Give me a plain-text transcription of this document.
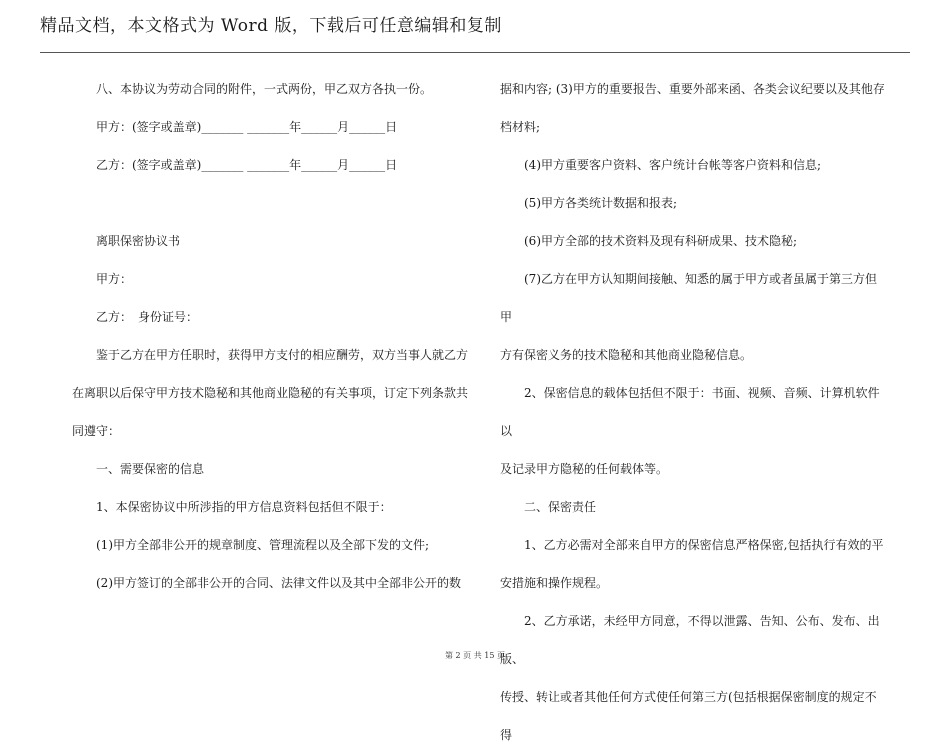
精品文档，本文格式为 Word 版，下载后可任意编辑和复制

八、本协议为劳动合同的附件，一式两份，甲乙双方各执一份。

甲方：(签字或盖章)_______ _______年______月______日

乙方：(签字或盖章)_______ _______年______月______日

离职保密协议书

甲方：

乙方：　身份证号：

鉴于乙方在甲方任职时，获得甲方支付的相应酬劳，双方当事人就乙方

在离职以后保守甲方技术隐秘和其他商业隐秘的有关事项，订定下列条款共

同遵守：

一、需要保密的信息

1、本保密协议中所涉指的甲方信息资料包括但不限于：

(1)甲方全部非公开的规章制度、管理流程以及全部下发的文件;

(2)甲方签订的全部非公开的合同、法律文件以及其中全部非公开的数

据和内容; (3)甲方的重要报告、重要外部来函、各类会议纪要以及其他存

档材料;

(4)甲方重要客户资料、客户统计台帐等客户资料和信息;

(5)甲方各类统计数据和报表;

(6)甲方全部的技术资料及现有科研成果、技术隐秘;

(7)乙方在甲方认知期间接触、知悉的属于甲方或者虽属于第三方但甲

方有保密义务的技术隐秘和其他商业隐秘信息。

2、保密信息的载体包括但不限于：书面、视频、音频、计算机软件以

及记录甲方隐秘的任何载体等。

二、保密责任

1、乙方必需对全部来自甲方的保密信息严格保密,包括执行有效的平

安措施和操作规程。

2、乙方承诺，未经甲方同意，不得以泄露、告知、公布、发布、出版、

传授、转让或者其他任何方式使任何第三方(包括根据保密制度的规定不得

第 2 页 共 15 页
